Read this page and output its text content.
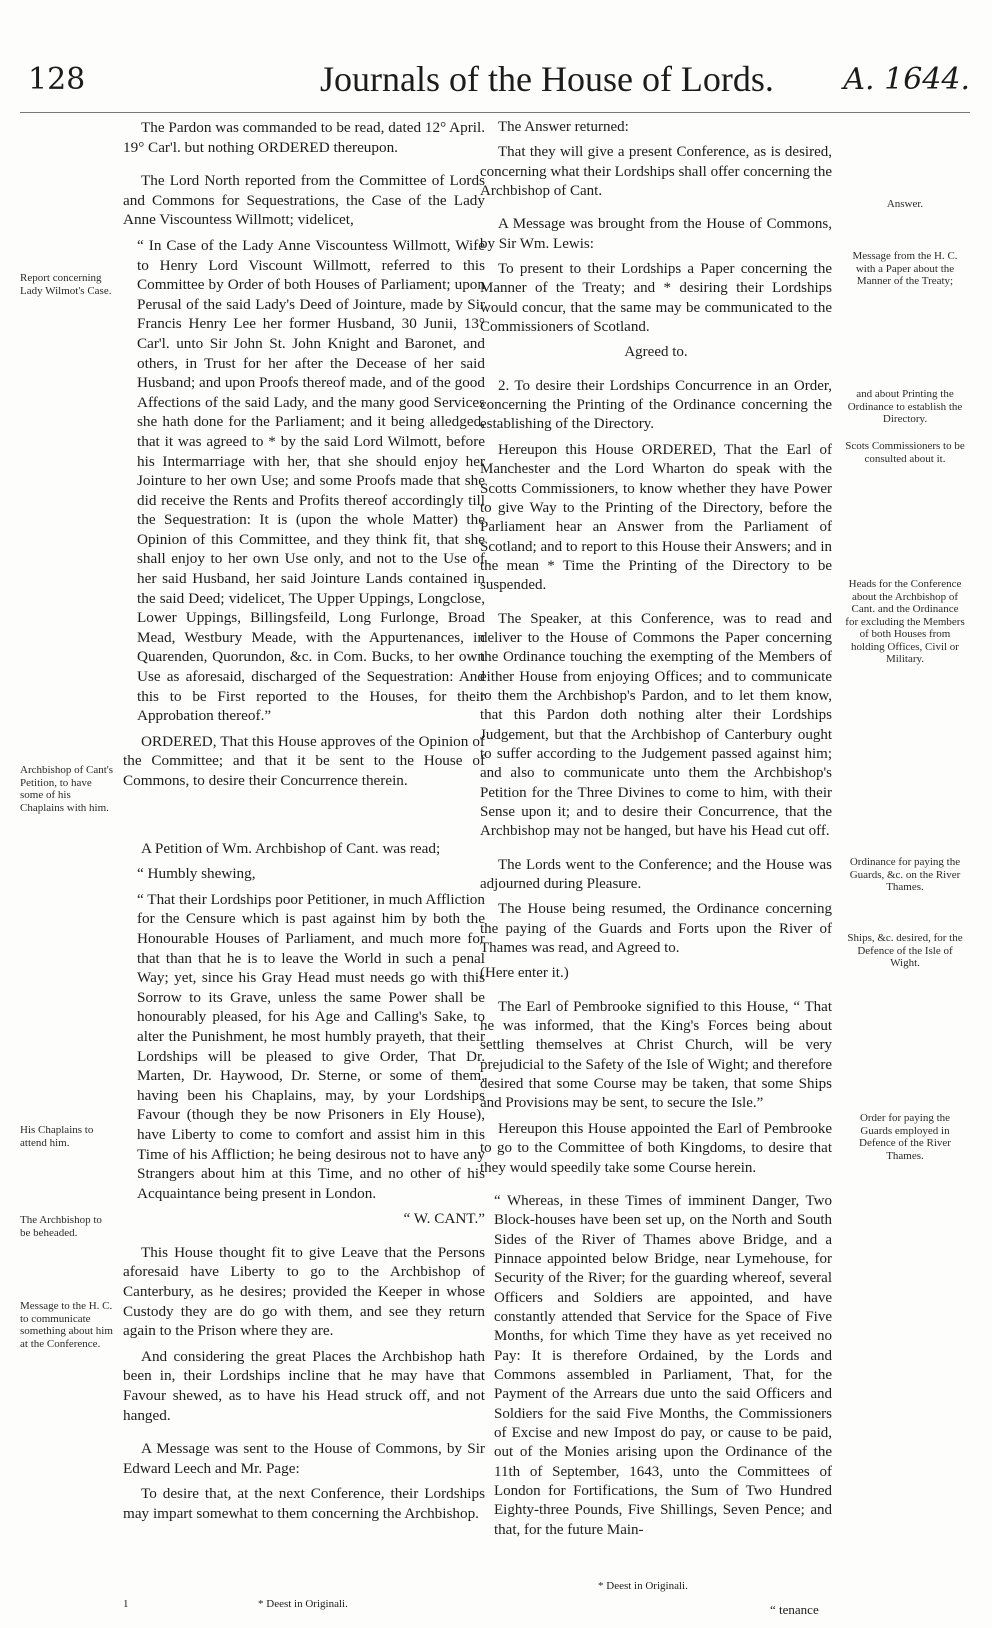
128	Journals of the House of Lords. A. 1644.
Report concerning Lady Wilmot's Case.
Archbishop of Cant's Petition, to have some of his Chaplains with him.
His Chaplains to attend him.
The Archbishop to be beheaded.
Message to the H. C. to communicate something about him at the Conference.

The Pardon was commanded to be read, dated 12° April. 19° Car'l. but nothing ORDERED thereupon.

The Lord North reported from the Committee of Lords and Commons for Sequestrations, the Case of the Lady Anne Viscountess Willmott; videlicet,

“ In Case of the Lady Anne Viscountess Willmott, Wife to Henry Lord Viscount Willmott, referred to this Committee by Order of both Houses of Parliament; upon Perusal of the said Lady's Deed of Jointure, made by Sir Francis Henry Lee her former Husband, 30 Junii, 13° Car'l. unto Sir John St. John Knight and Baronet, and others, in Trust for her after the Decease of her said Husband; and upon Proofs thereof made, and of the good Affections of the said Lady, and the many good Services she hath done for the Parliament; and it being alledged, that it was agreed to * by the said Lord Wilmott, before his Intermarriage with her, that she should enjoy her Jointure to her own Use; and some Proofs made that she did receive the Rents and Profits thereof accordingly till the Sequestration: It is (upon the whole Matter) the Opinion of this Committee, and they think fit, that she shall enjoy to her own Use only, and not to the Use of her said Husband, her said Jointure Lands contained in the said Deed; videlicet, The Upper Uppings, Longclose, Lower Uppings, Billingsfeild, Long Furlonge, Broad Mead, Westbury Meade, with the Appurtenances, in Quarenden, Quorundon, &c. in Com. Bucks, to her own Use as aforesaid, discharged of the Sequestration: And this to be First reported to the Houses, for their Approbation thereof.”

ORDERED, That this House approves of the Opinion of the Committee; and that it be sent to the House of Commons, to desire their Concurrence therein.

A Petition of Wm. Archbishop of Cant. was read;

“ Humbly shewing,

“ That their Lordships poor Petitioner, in much Affliction for the Censure which is past against him by both the Honourable Houses of Parliament, and much more for that than that he is to leave the World in such a penal Way; yet, since his Gray Head must needs go with this Sorrow to its Grave, unless the same Power shall be honourably pleased, for his Age and Calling's Sake, to alter the Punishment, he most humbly prayeth, that their Lordships will be pleased to give Order, That Dr. Marten, Dr. Haywood, Dr. Sterne, or some of them, having been his Chaplains, may, by your Lordships Favour (though they be now Prisoners in Ely House), have Liberty to come to comfort and assist him in this Time of his Affliction; he being desirous not to have any Strangers about him at this Time, and no other of his Acquaintance being present in London.

“ W. CANT.”

This House thought fit to give Leave that the Persons aforesaid have Liberty to go to the Archbishop of Canterbury, as he desires; provided the Keeper in whose Custody they are do go with them, and see they return again to the Prison where they are.

And considering the great Places the Archbishop hath been in, their Lordships incline that he may have that Favour shewed, as to have his Head struck off, and not hanged.

A Message was sent to the House of Commons, by Sir Edward Leech and Mr. Page:

To desire that, at the next Conference, their Lordships may impart somewhat to them concerning the Archbishop.

The Answer returned:

That they will give a present Conference, as is desired, concerning what their Lordships shall offer concerning the Archbishop of Cant.

A Message was brought from the House of Commons, by Sir Wm. Lewis:

To present to their Lordships a Paper concerning the Manner of the Treaty; and * desiring their Lordships would concur, that the same may be communicated to the Commissioners of Scotland.

Agreed to.

2. To desire their Lordships Concurrence in an Order, concerning the Printing of the Ordinance concerning the establishing of the Directory.

Hereupon this House ORDERED, That the Earl of Manchester and the Lord Wharton do speak with the Scotts Commissioners, to know whether they have Power to give Way to the Printing of the Directory, before the Parliament hear an Answer from the Parliament of Scotland; and to report to this House their Answers; and in the mean * Time the Printing of the Directory to be suspended.

The Speaker, at this Conference, was to read and deliver to the House of Commons the Paper concerning the Ordinance touching the exempting of the Members of either House from enjoying Offices; and to communicate to them the Archbishop's Pardon, and to let them know, that this Pardon doth nothing alter their Lordships Judgement, but that the Archbishop of Canterbury ought to suffer according to the Judgement passed against him; and also to communicate unto them the Archbishop's Petition for the Three Divines to come to him, with their Sense upon it; and to desire their Concurrence, that the Archbishop may not be hanged, but have his Head cut off.

The Lords went to the Conference; and the House was adjourned during Pleasure.

The House being resumed, the Ordinance concerning the paying of the Guards and Forts upon the River of Thames was read, and Agreed to.

(Here enter it.)

The Earl of Pembrooke signified to this House, “ That he was informed, that the King's Forces being about settling themselves at Christ Church, will be very prejudicial to the Safety of the Isle of Wight; and therefore desired that some Course may be taken, that some Ships and Provisions may be sent, to secure the Isle.”

Hereupon this House appointed the Earl of Pembrooke to go to the Committee of both Kingdoms, to desire that they would speedily take some Course herein.

“ Whereas, in these Times of imminent Danger, Two Block-houses have been set up, on the North and South Sides of the River of Thames above Bridge, and a Pinnace appointed below Bridge, near Lymehouse, for Security of the River; for the guarding whereof, several Officers and Soldiers are appointed, and have constantly attended that Service for the Space of Five Months, for which Time they have as yet received no Pay: It is therefore Ordained, by the Lords and Commons assembled in Parliament, That, for the Payment of the Arrears due unto the said Officers and Soldiers for the said Five Months, the Commissioners of Excise and new Impost do pay, or cause to be paid, out of the Monies arising upon the Ordinance of the 11th of September, 1643, unto the Committees of London for Fortifications, the Sum of Two Hundred Eighty-three Pounds, Five Shillings, Seven Pence; and that, for the future Main-

Answer.
Message from the H. C. with a Paper about the Manner of the Treaty;
and about Printing the Ordinance to establish the Directory.
Scots Commissioners to be consulted about it.
Heads for the Conference about the Archbishop of Cant. and the Ordinance for excluding the Members of both Houses from holding Offices, Civil or Military.
Ordinance for paying the Guards, &c. on the River Thames.
Ships, &c. desired, for the Defence of the Isle of Wight.
Order for paying the Guards employed in Defence of the River Thames.
1	* Deest in Originali.
* Deest in Originali.
“ tenance
